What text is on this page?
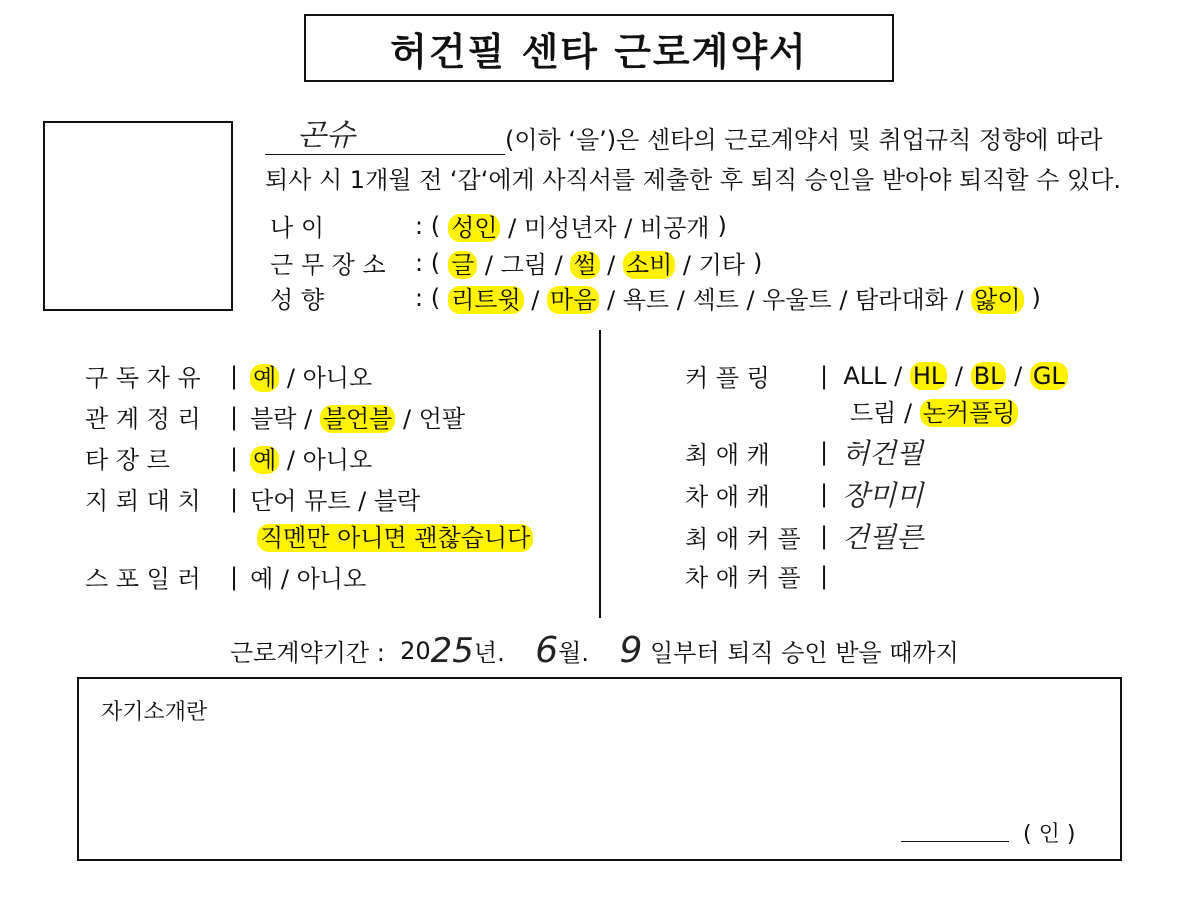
허건필 센타 근로계약서
곤슈	(이하 ‘을’)은 센타의 근로계약서 및 취업규칙 정향에 따라
퇴사 시 1개월 전 ‘갑‘에게 사직서를 제출한 후 퇴직 승인을 받아야 퇴직할 수 있다.
나 이	:
( 성인 / 미성년자 / 비공개 )
근 무 장 소	:
( 글 / 그림 / 썰 / 소비 / 기타 )
성 향	:
( 리트윗 / 마음 / 욕트 / 섹트 / 우울트 / 탐라대화 / 앓이 )
구 독 자 유	| 예 / 아니오
관 계 정 리	| 블락 / 블언블 / 언팔
타 장 르	| 예 / 아니오
지 뢰 대 치	| 단어 뮤트 / 블락
직멘만 아니면 괜찮습니다
스 포 일 러	| 예 / 아니오
커 플 링	|
ALL / HL / BL / GL
드림 / 논커플링
최 애 캐	| 허건필
차 애 캐	| 장미미
최 애 커 플 | 건필른
차 애 커 플 |
근로계약기간 :
20 25 년.
6 월.
9
일부터 퇴직 승인 받을 때까지
자기소개란
( 인 )
